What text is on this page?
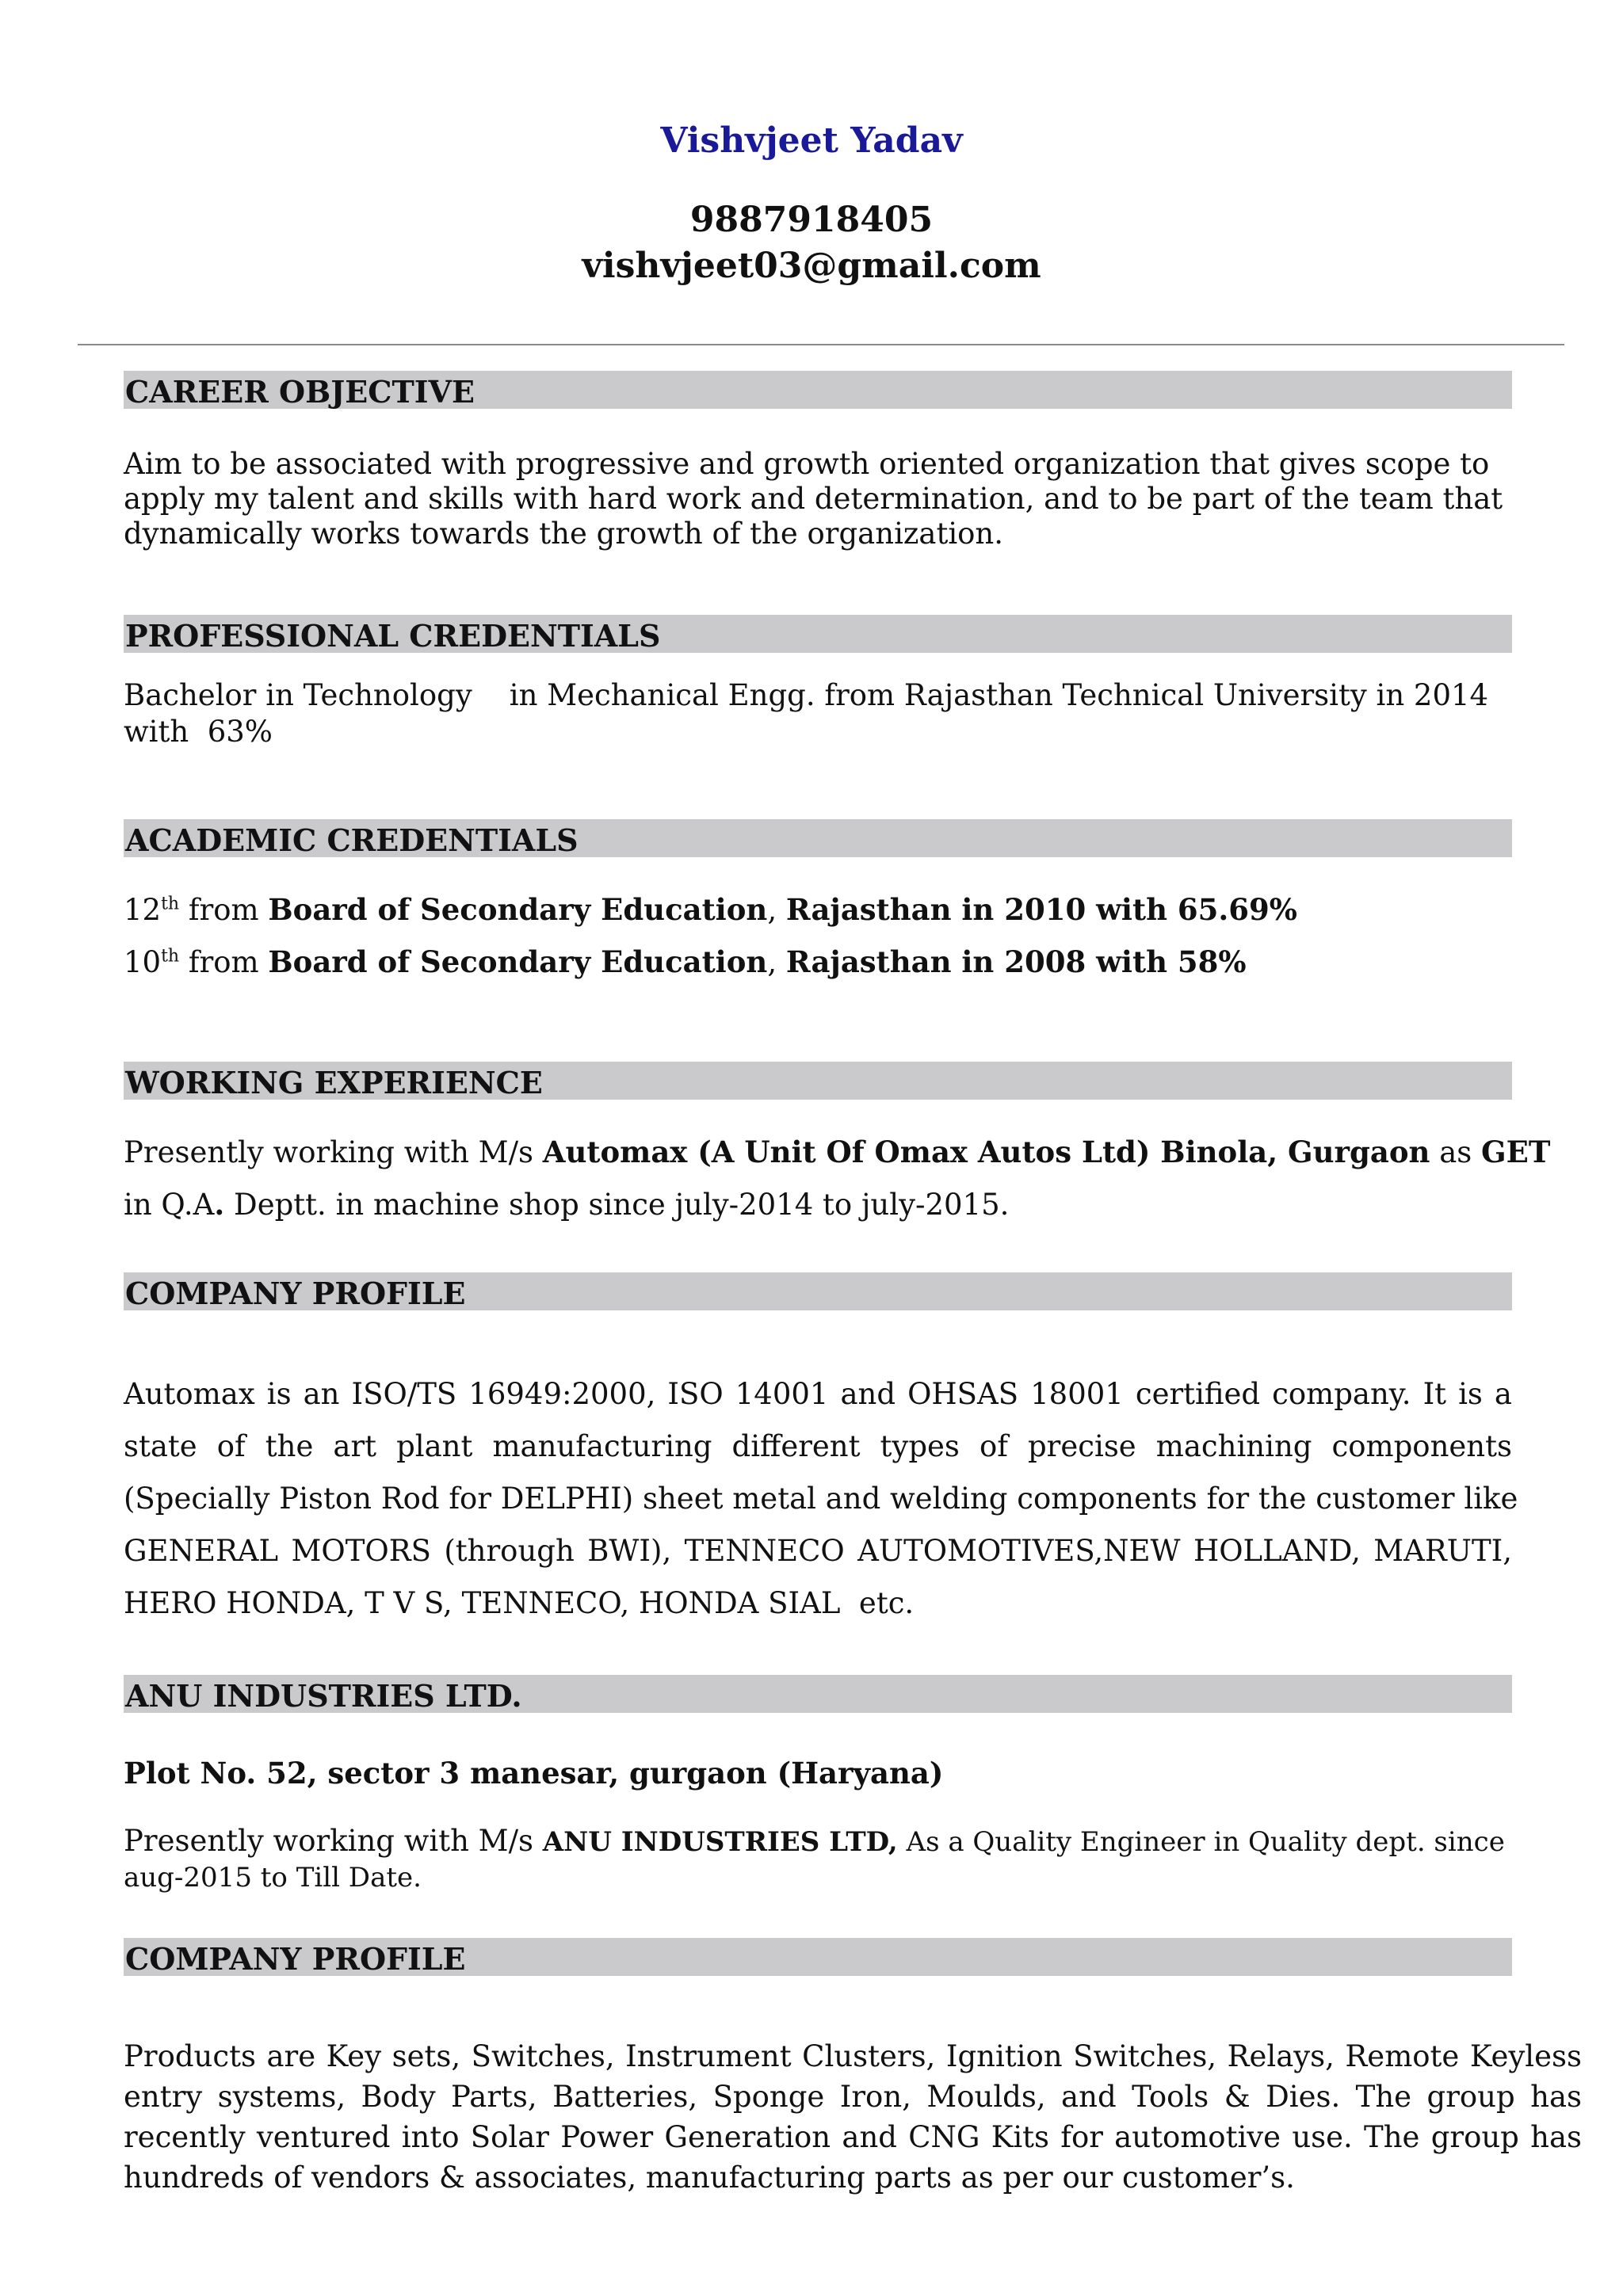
Vishvjeet Yadav
9887918405
vishvjeet03@gmail.com
CAREER OBJECTIVE
Aim to be associated with progressive and growth oriented organization that gives scope to
apply my talent and skills with hard work and determination, and to be part of the team that
dynamically works towards the growth of the organization.
PROFESSIONAL CREDENTIALS
Bachelor in Technology in Mechanical Engg. from Rajasthan Technical University in 2014
with  63%
ACADEMIC CREDENTIALS
12th from Board of Secondary Education, Rajasthan in 2010 with 65.69%
10th from Board of Secondary Education, Rajasthan in 2008 with 58%
WORKING EXPERIENCE
Presently working with M/s Automax (A Unit Of Omax Autos Ltd) Binola, Gurgaon as GET
in Q.A. Deptt. in machine shop since july-2014 to july-2015.
COMPANY PROFILE
Automax is an ISO/TS 16949:2000, ISO 14001 and OHSAS 18001 certified company. It is a
state of the art plant manufacturing different types of precise machining components
(Specially Piston Rod for DELPHI) sheet metal and welding components for the customer like
GENERAL MOTORS (through BWI), TENNECO AUTOMOTIVES,NEW HOLLAND, MARUTI,
HERO HONDA, T V S, TENNECO, HONDA SIAL  etc.
ANU INDUSTRIES LTD.
Plot No. 52, sector 3 manesar, gurgaon (Haryana)
Presently working with M/s ANU INDUSTRIES LTD, As a Quality Engineer in Quality dept. since
aug-2015 to Till Date.
COMPANY PROFILE
Products are Key sets, Switches, Instrument Clusters, Ignition Switches, Relays, Remote Keyless
entry systems, Body Parts, Batteries, Sponge Iron, Moulds, and Tools & Dies. The group has
recently ventured into Solar Power Generation and CNG Kits for automotive use. The group has
hundreds of vendors & associates, manufacturing parts as per our customer’s.
